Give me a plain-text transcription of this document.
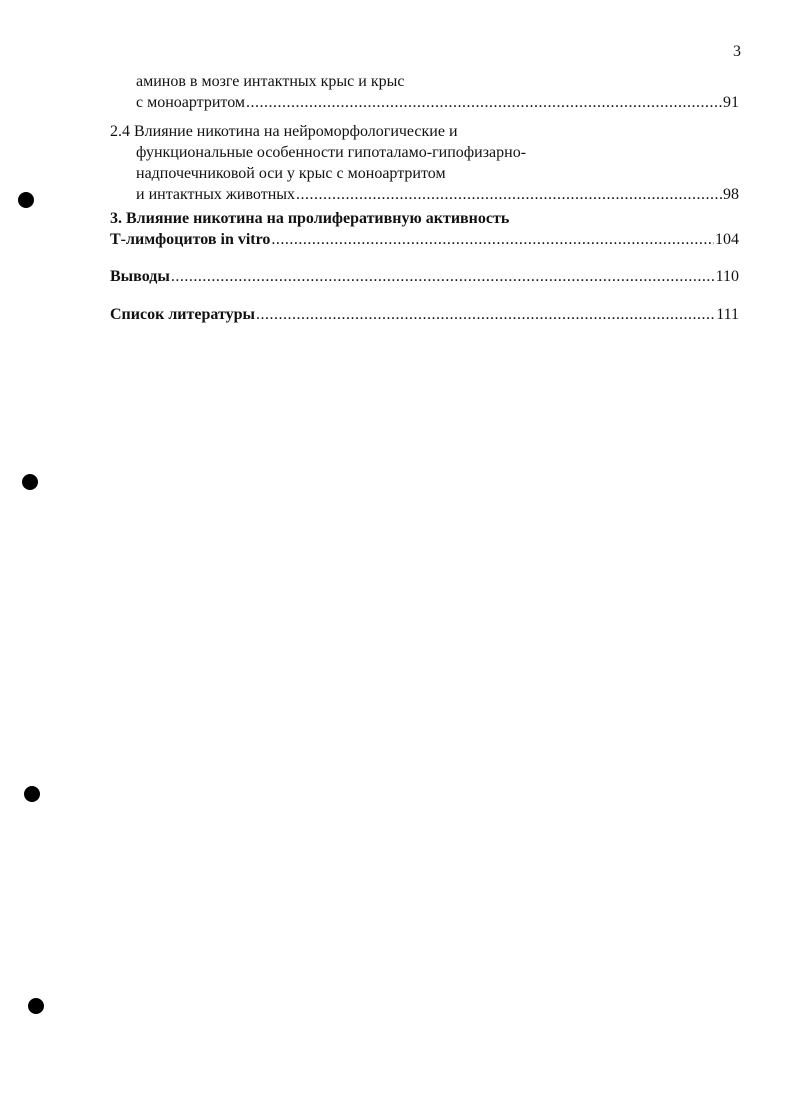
3
аминов в мозге интактных крыс и крыс
с моноартритом .....	91
2.4 Влияние никотина на нейроморфологические и
функциональные особенности гипоталамо-гипофизарно-
надпочечниковой оси у крыс с моноартритом
и интактных животных .....	98
3. Влияние никотина на пролиферативную активность
Т-лимфоцитов in vitro .....	104
Выводы .....	110
Список литературы .....	111
